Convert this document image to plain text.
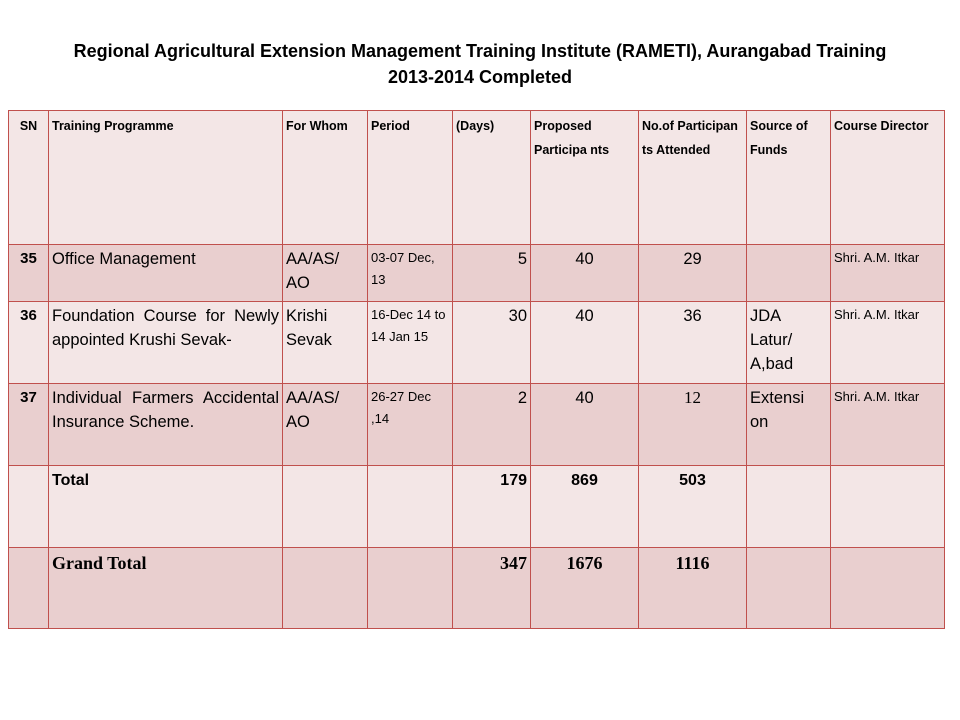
Regional Agricultural Extension Management Training Institute (RAMETI), Aurangabad Training
2013-2014 Completed
SN	Training Programme	For Whom	Period	(Days)	Proposed Participa nts	No.of Participan ts Attended	Source of Funds	Course Director
35	Office Management	AA/AS/ AO	03-07 Dec, 13	5	40	29		Shri. A.M. Itkar
36	Foundation Course for Newly appointed Krushi Sevak-	Krishi Sevak	16-Dec 14 to 14 Jan 15	30	40	36	JDA Latur/ A,bad	Shri. A.M. Itkar
37	Individual Farmers Accidental Insurance Scheme.	AA/AS/ AO	26-27 Dec ,14	2	40	12	Extensi on	Shri. A.M. Itkar
	Total			179	869	503		
	Grand Total			347	1676	1116		
